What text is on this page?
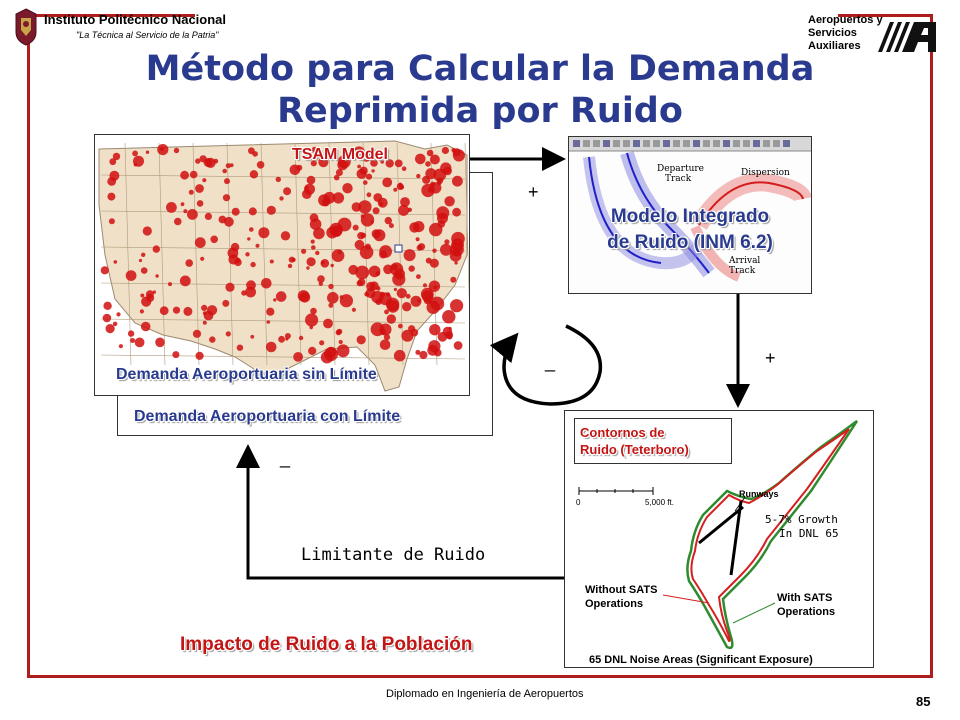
Instituto Politécnico Nacional
"La Técnica al Servicio de la Patria"
Aeropuertos y
Servicios
Auxiliares
Método para Calcular la Demanda
Reprimida por Ruido
Demanda Aeroportuaria con Límite
TSAM Model
Demanda Aeroportuaria sin Límite
Departure
Track
Dispersion
Arrival
Track
Modelo Integrado
de Ruido (INM 6.2)
0	5,000 ft.
Runways
5-7% Growth
In DNL 65
Without SATS
Operations	With SATS
Operations
65 DNL Noise Areas (Significant Exposure)
Contornos de
Ruido (Teterboro)
+
+
_
_
Limitante de Ruido
Impacto de Ruido a la Población
Diplomado en Ingeniería de Aeropuertos	85
